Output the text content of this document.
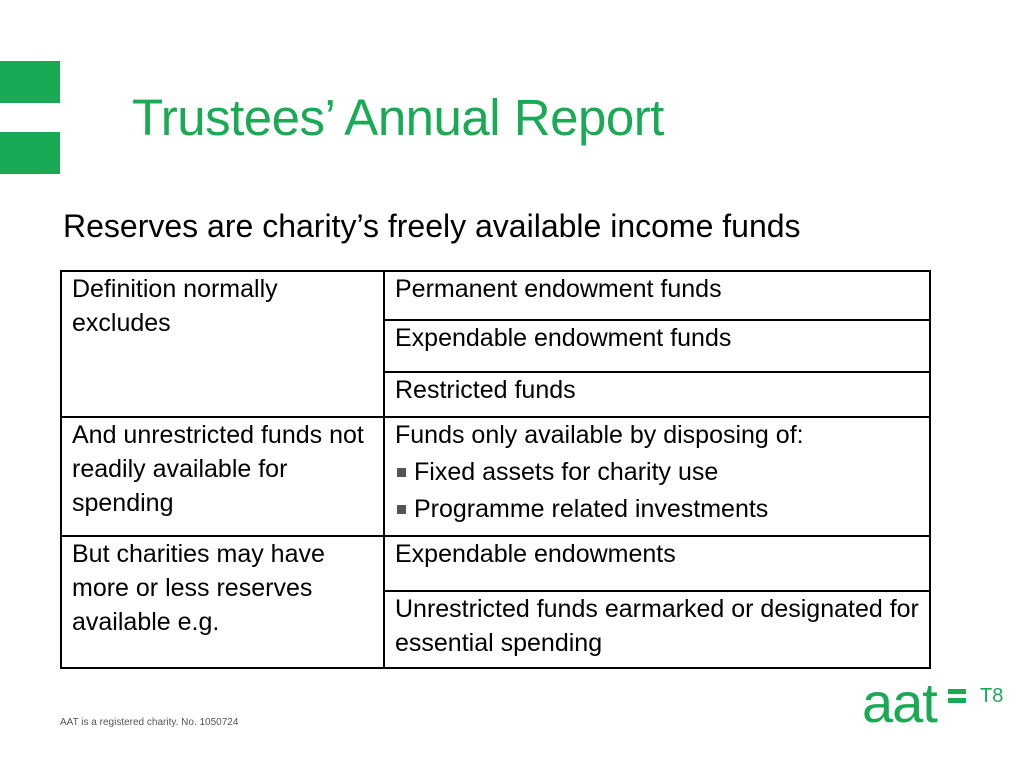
Trustees’ Annual Report
Reserves are charity’s freely available income funds
Definition normally excludes	Permanent endowment funds
	Expendable endowment funds
	Restricted funds
And unrestricted funds not readily available for spending	Funds only available by disposing of:
Fixed assets for charity use
Programme related investments

But charities may have more or less reserves available e.g.	Expendable endowments
	Unrestricted funds earmarked or designated for essential spending
aat T8
AAT is a registered charity. No. 1050724
